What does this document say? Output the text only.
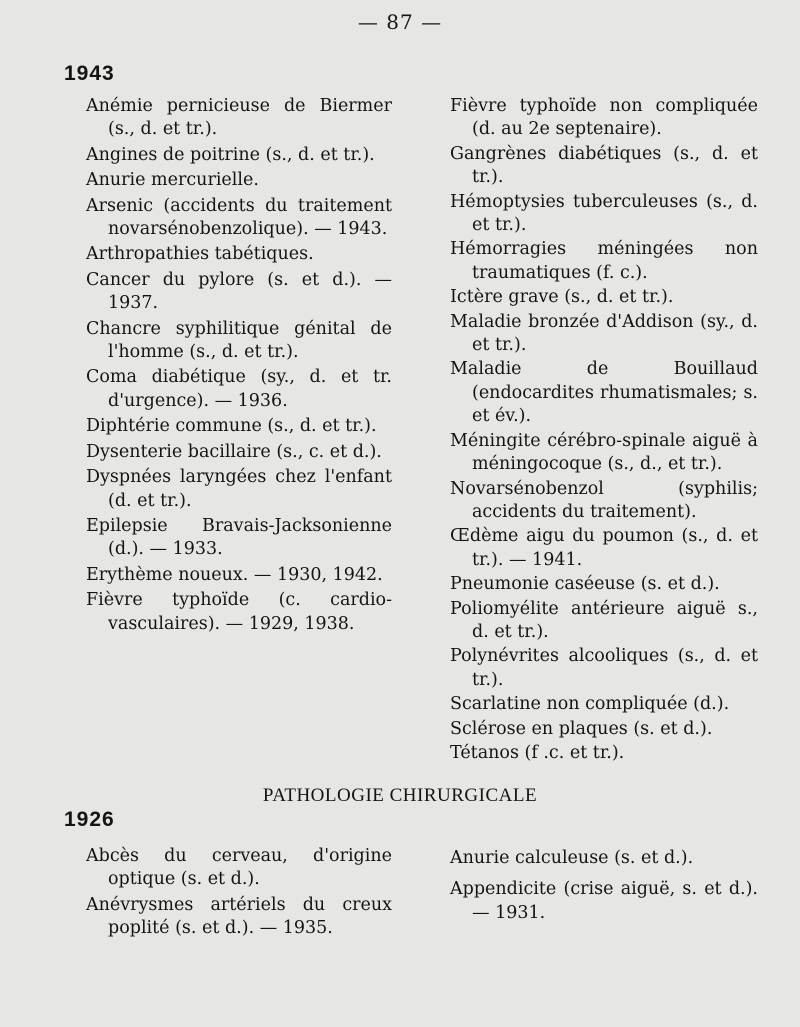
— 87 —
1943
Anémie pernicieuse de Biermer (s., d. et tr.).
Angines de poitrine (s., d. et tr.).
Anurie mercurielle.
Arsenic (accidents du traitement novarsénobenzolique). — 1943.
Arthropathies tabétiques.
Cancer du pylore (s. et d.). — 1937.
Chancre syphilitique génital de l'homme (s., d. et tr.).
Coma diabétique (sy., d. et tr. d'urgence). — 1936.
Diphtérie commune (s., d. et tr.).
Dysenterie bacillaire (s., c. et d.).
Dyspnées laryngées chez l'enfant (d. et tr.).
Epilepsie Bravais-Jacksonienne (d.). — 1933.
Erythème noueux. — 1930, 1942.
Fièvre typhoïde (c. cardio-vasculaires). — 1929, 1938.
Fièvre typhoïde non compliquée (d. au 2e septenaire).
Gangrènes diabétiques (s., d. et tr.).
Hémoptysies tuberculeuses (s., d. et tr.).
Hémorragies méningées non traumatiques (f. c.).
Ictère grave (s., d. et tr.).
Maladie bronzée d'Addison (sy., d. et tr.).
Maladie de Bouillaud (endocardites rhumatismales; s. et év.).
Méningite cérébro-spinale aiguë à méningocoque (s., d., et tr.).
Novarsénobenzol (syphilis; accidents du traitement).
Œdème aigu du poumon (s., d. et tr.). — 1941.
Pneumonie caséeuse (s. et d.).
Poliomyélite antérieure aiguë s., d. et tr.).
Polynévrites alcooliques (s., d. et tr.).
Scarlatine non compliquée (d.).
Sclérose en plaques (s. et d.).
Tétanos (f .c. et tr.).
PATHOLOGIE CHIRURGICALE
1926
Abcès du cerveau, d'origine optique (s. et d.).
Anévrysmes artériels du creux poplité (s. et d.). — 1935.
Anurie calculeuse (s. et d.).
Appendicite (crise aiguë, s. et d.). — 1931.
